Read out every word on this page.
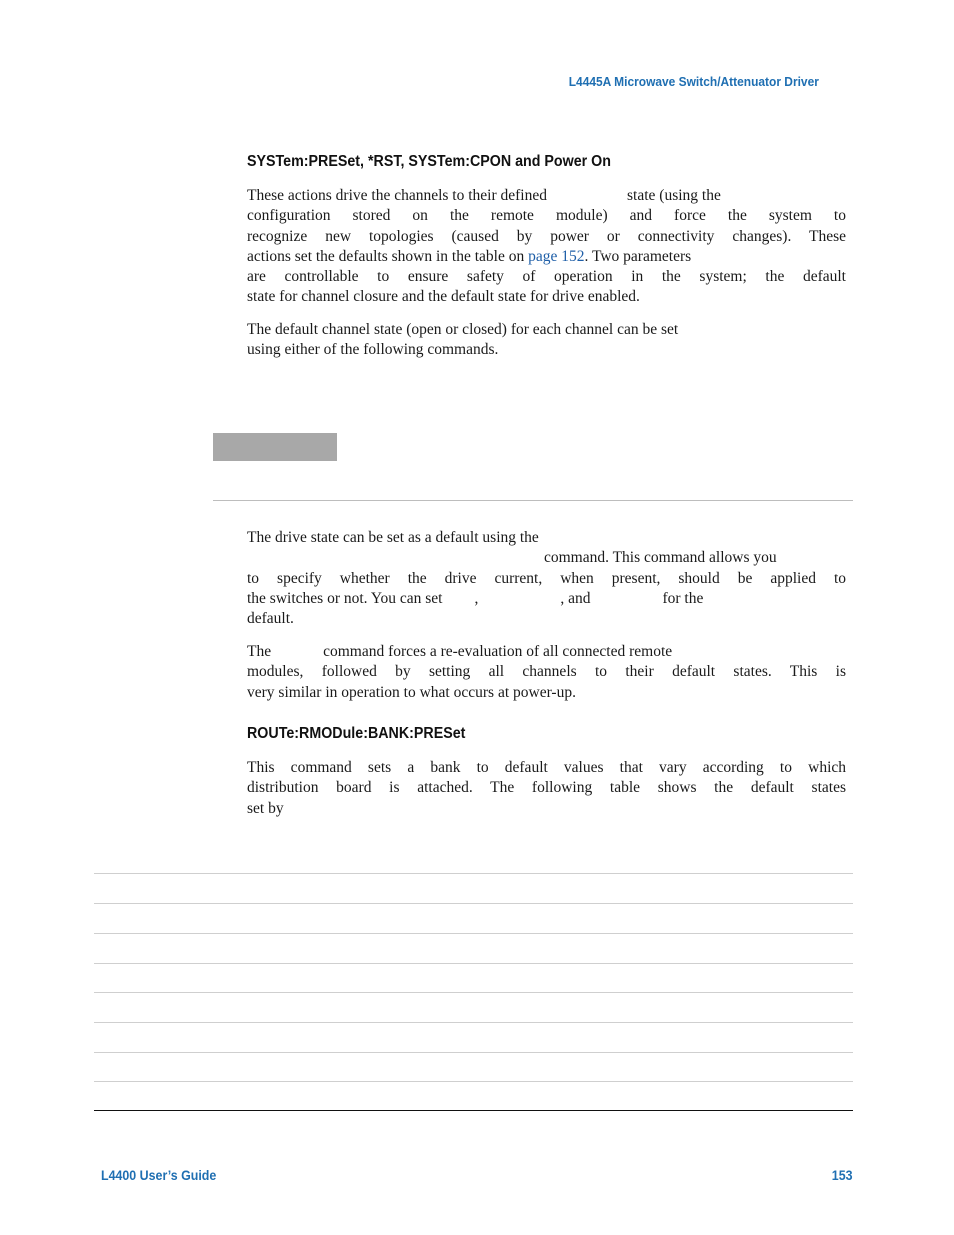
L4445A Microwave Switch/Attenuator Driver
SYSTem:PRESet, *RST, SYSTem:CPON and Power On
These actions drive the channels to their defined	state (using the
configuration stored on the remote module) and force the system to
recognize new topologies (caused by power or connectivity changes). These
actions set the defaults shown in the table on page 152. Two parameters
are controllable to ensure safety of operation in the system; the default
state for channel closure and the default state for drive enabled.
The default channel state (open or closed) for each channel can be set
using either of the following commands.
The drive state can be set as a default using the
command. This command allows you
to specify whether the drive current, when present, should be applied to
the switches or not. You can set ,	, and	for the
default.
The	command forces a re-evaluation of all connected remote
modules, followed by setting all channels to their default states. This is
very similar in operation to what occurs at power-up.
ROUTe:RMODule:BANK:PRESet
This command sets a bank to default values that vary according to which
distribution board is attached. The following table shows the default states
set by
L4400 User’s Guide	153
